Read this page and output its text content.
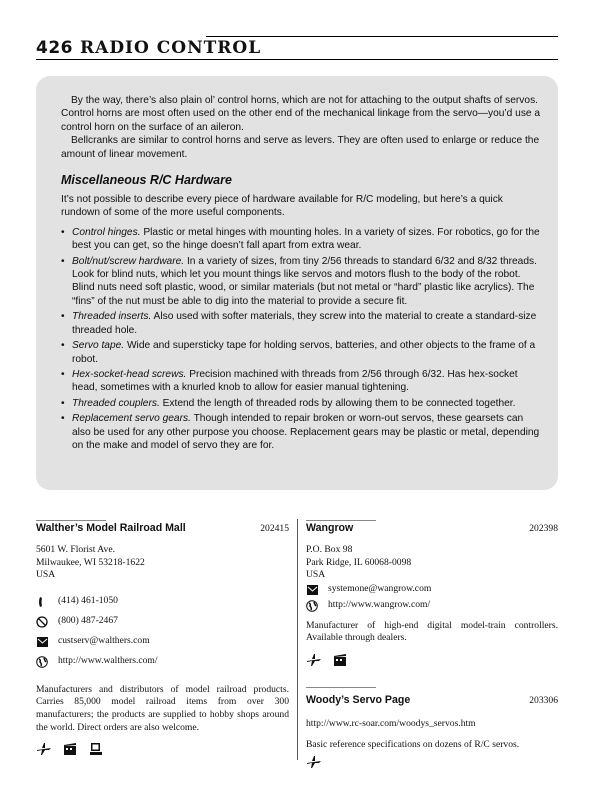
426 RADIO CONTROL

By the way, there’s also plain ol’ control horns, which are not for attaching to the output shafts of servos. Control horns are most often used on the other end of the mechanical linkage from the servo—you’d use a control horn on the surface of an aileron.

Bellcranks are similar to control horns and serve as levers. They are often used to enlarge or reduce the amount of linear movement.

Miscellaneous R/C Hardware

It’s not possible to describe every piece of hardware available for R/C modeling, but here’s a quick rundown of some of the more useful components.

• Control hinges. Plastic or metal hinges with mounting holes. In a variety of sizes. For robotics, go for the best you can get, so the hinge doesn’t fall apart from extra wear.
• Bolt/nut/screw hardware. In a variety of sizes, from tiny 2/56 threads to standard 6/32 and 8/32 threads. Look for blind nuts, which let you mount things like servos and motors flush to the body of the robot. Blind nuts need soft plastic, wood, or similar materials (but not metal or “hard” plastic like acrylics). The “fins” of the nut must be able to dig into the material to provide a secure fit.
• Threaded inserts. Also used with softer materials, they screw into the material to create a standard-size threaded hole.
• Servo tape. Wide and supersticky tape for holding servos, batteries, and other objects to the frame of a robot.
• Hex-socket-head screws. Precision machined with threads from 2/56 through 6/32. Has hex-socket head, sometimes with a knurled knob to allow for easier manual tightening.
• Threaded couplers. Extend the length of threaded rods by allowing them to be connected together.
• Replacement servo gears. Though intended to repair broken or worn-out servos, these gearsets can also be used for any other purpose you choose. Replacement gears may be plastic or metal, depending on the make and model of servo they are for.
Walther’s Model Railroad Mall	202415
5601 W. Florist Ave.
Milwaukee, WI 53218-1622
USA
(414) 461-1050
(800) 487-2467
custserv@walthers.com
http://www.walthers.com/

Manufacturers and distributors of model railroad products. Carries 85,000 model railroad items from over 300 manufacturers; the products are supplied to hobby shops around the world. Direct orders are also welcome.

Wangrow	202398
P.O. Box 98
Park Ridge, IL 60068-0098
USA
systemone@wangrow.com
http://www.wangrow.com/

Manufacturer of high-end digital model-train controllers. Available through dealers.

Woody’s Servo Page	203306
http://www.rc-soar.com/woodys_servos.htm
Basic reference specifications on dozens of R/C servos.
